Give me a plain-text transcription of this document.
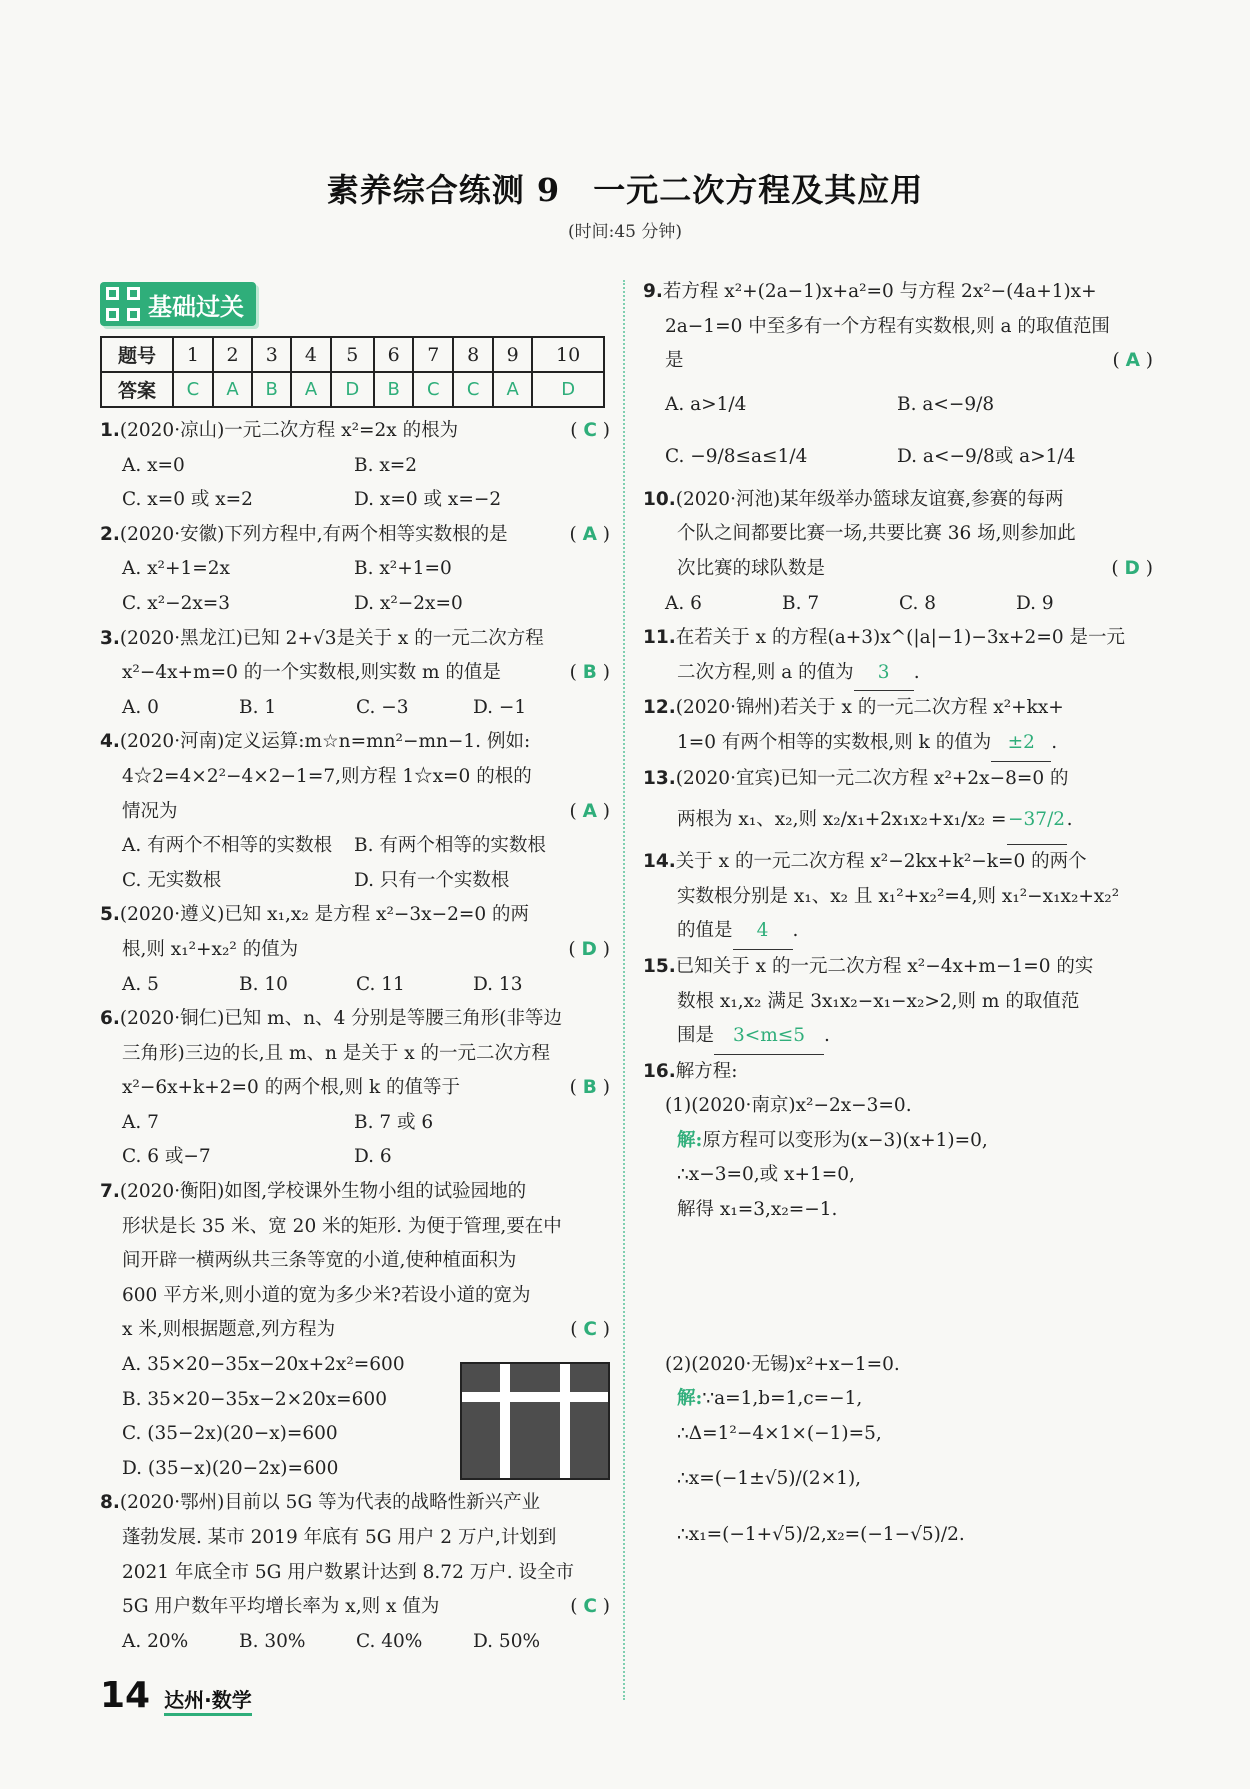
素养综合练测 9　一元二次方程及其应用
(时间:45 分钟)
基础过关
题号	1	2	3	4	5	6	7	8	9	10
答案	C	A	B	A	D	B	C	C	A	D
1.(2020·凉山)一元二次方程 x²=2x 的根为	( C )
A. x=0	B. x=2
C. x=0 或 x=2	D. x=0 或 x=−2
2.(2020·安徽)下列方程中,有两个相等实数根的是	( A )
A. x²+1=2x	B. x²+1=0
C. x²−2x=3	D. x²−2x=0
3.(2020·黑龙江)已知 2+√3是关于 x 的一元二次方程
x²−4x+m=0 的一个实数根,则实数 m 的值是	( B )
A. 0	B. 1	C. −3	D. −1
4.(2020·河南)定义运算:m☆n=mn²−mn−1. 例如:
4☆2=4×2²−4×2−1=7,则方程 1☆x=0 的根的
情况为	( A )
A. 有两个不相等的实数根	B. 有两个相等的实数根
C. 无实数根	D. 只有一个实数根
5.(2020·遵义)已知 x₁,x₂ 是方程 x²−3x−2=0 的两
根,则 x₁²+x₂² 的值为	( D )
A. 5	B. 10	C. 11	D. 13
6.(2020·铜仁)已知 m、n、4 分别是等腰三角形(非等边
三角形)三边的长,且 m、n 是关于 x 的一元二次方程
x²−6x+k+2=0 的两个根,则 k 的值等于	( B )
A. 7	B. 7 或 6
C. 6 或−7	D. 6
7.(2020·衡阳)如图,学校课外生物小组的试验园地的
形状是长 35 米、宽 20 米的矩形. 为便于管理,要在中
间开辟一横两纵共三条等宽的小道,使种植面积为
600 平方米,则小道的宽为多少米?若设小道的宽为
x 米,则根据题意,列方程为	( C )
A. 35×20−35x−20x+2x²=600
B. 35×20−35x−2×20x=600
C. (35−2x)(20−x)=600
D. (35−x)(20−2x)=600
8.(2020·鄂州)目前以 5G 等为代表的战略性新兴产业
蓬勃发展. 某市 2019 年底有 5G 用户 2 万户,计划到
2021 年底全市 5G 用户数累计达到 8.72 万户. 设全市
5G 用户数年平均增长率为 x,则 x 值为	( C )
A. 20%	B. 30%	C. 40%	D. 50%
9.若方程 x²+(2a−1)x+a²=0 与方程 2x²−(4a+1)x+
2a−1=0 中至多有一个方程有实数根,则 a 的取值范围
是	( A )
A. a>1/4	B. a<−9/8
C. −9/8≤a≤1/4	D. a<−9/8或 a>1/4
10.(2020·河池)某年级举办篮球友谊赛,参赛的每两
个队之间都要比赛一场,共要比赛 36 场,则参加此
次比赛的球队数是	( D )
A. 6	B. 7	C. 8	D. 9
11.在若关于 x 的方程(a+3)x^(|a|−1)−3x+2=0 是一元
二次方程,则 a 的值为 3 .
12.(2020·锦州)若关于 x 的一元二次方程 x²+kx+
1=0 有两个相等的实数根,则 k 的值为 ±2 .
13.(2020·宜宾)已知一元二次方程 x²+2x−8=0 的
两根为 x₁、x₂,则 x₂/x₁+2x₁x₂+x₁/x₂ =−37/2.
14.关于 x 的一元二次方程 x²−2kx+k²−k=0 的两个
实数根分别是 x₁、x₂ 且 x₁²+x₂²=4,则 x₁²−x₁x₂+x₂²
的值是 4 .
15.已知关于 x 的一元二次方程 x²−4x+m−1=0 的实
数根 x₁,x₂ 满足 3x₁x₂−x₁−x₂>2,则 m 的取值范
围是 3<m≤5 .
16.解方程:
(1)(2020·南京)x²−2x−3=0.
解:原方程可以变形为(x−3)(x+1)=0,
∴x−3=0,或 x+1=0,
解得 x₁=3,x₂=−1.
(2)(2020·无锡)x²+x−1=0.
解:∵a=1,b=1,c=−1,
∴Δ=1²−4×1×(−1)=5,
∴x=(−1±√5)/(2×1),
∴x₁=(−1+√5)/2,x₂=(−1−√5)/2.
14 达州·数学
